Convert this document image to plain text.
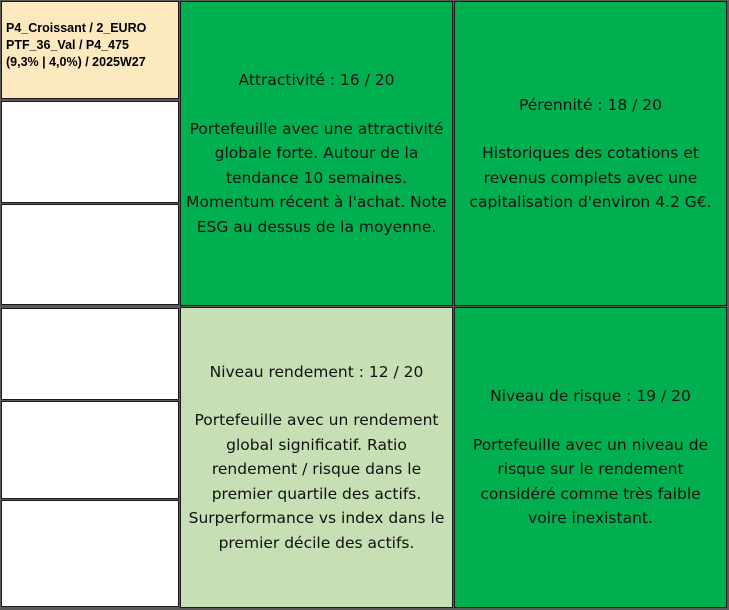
P4_Croissant / 2_EURO
PTF_36_Val / P4_475
(9,3% | 4,0%) / 2025W27

Attractivité : 16 / 20

Portefeuille avec une attractivité globale forte. Autour de la tendance 10 semaines. Momentum récent à l'achat. Note ESG au dessus de la moyenne.

Pérennité : 18 / 20

Historiques des cotations et revenus complets avec une capitalisation d'environ 4.2 G€.

Niveau rendement : 12 / 20

Portefeuille avec un rendement global significatif. Ratio rendement / risque dans le premier quartile des actifs. Surperformance vs index dans le premier décile des actifs.

Niveau de risque : 19 / 20

Portefeuille avec un niveau de risque sur le rendement considéré comme très faible voire inexistant.
